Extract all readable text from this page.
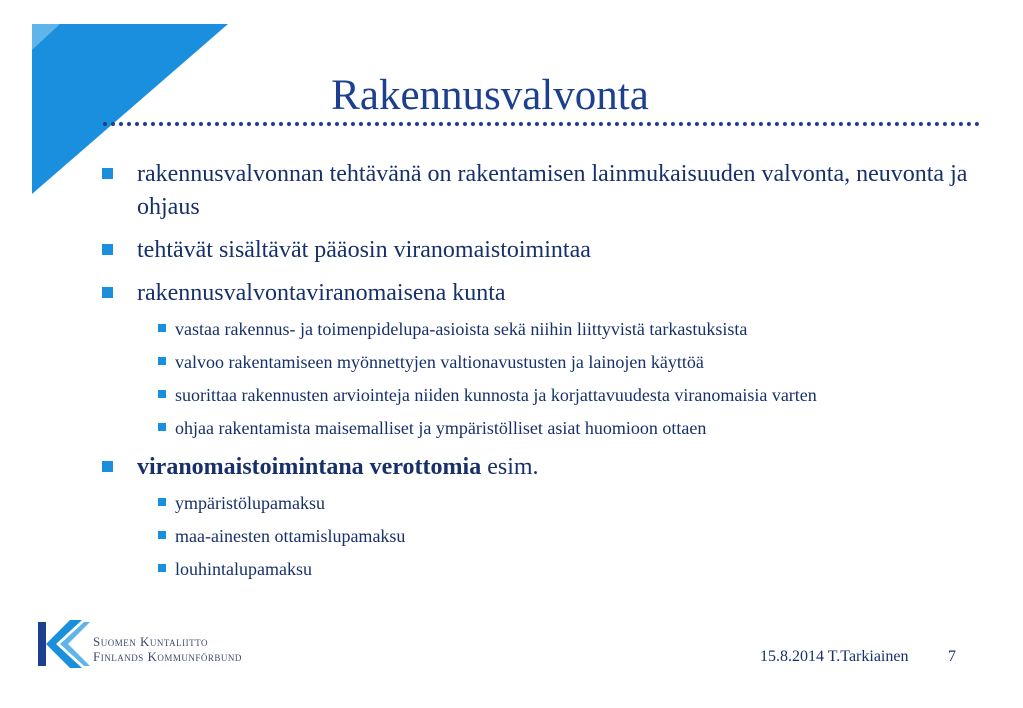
Rakennusvalvonta
rakennusvalvonnan tehtävänä on rakentamisen lainmukaisuuden valvonta, neuvonta ja ohjaus
tehtävät sisältävät pääosin viranomaistoimintaa
rakennusvalvontaviranomaisena kunta
vastaa rakennus- ja toimenpidelupa-asioista sekä niihin liittyvistä tarkastuksista
valvoo rakentamiseen myönnettyjen valtionavustusten ja lainojen käyttöä
suorittaa rakennusten arviointeja niiden kunnosta ja korjattavuudesta viranomaisia varten
ohjaa rakentamista maisemalliset ja ympäristölliset asiat huomioon ottaen
viranomaistoimintana verottomia esim.
ympäristölupamaksu
maa-ainesten ottamislupamaksu
louhintalupamaksu
Suomen Kuntaliitto
Finlands Kommunförbund	15.8.2014 T.Tarkiainen 7
